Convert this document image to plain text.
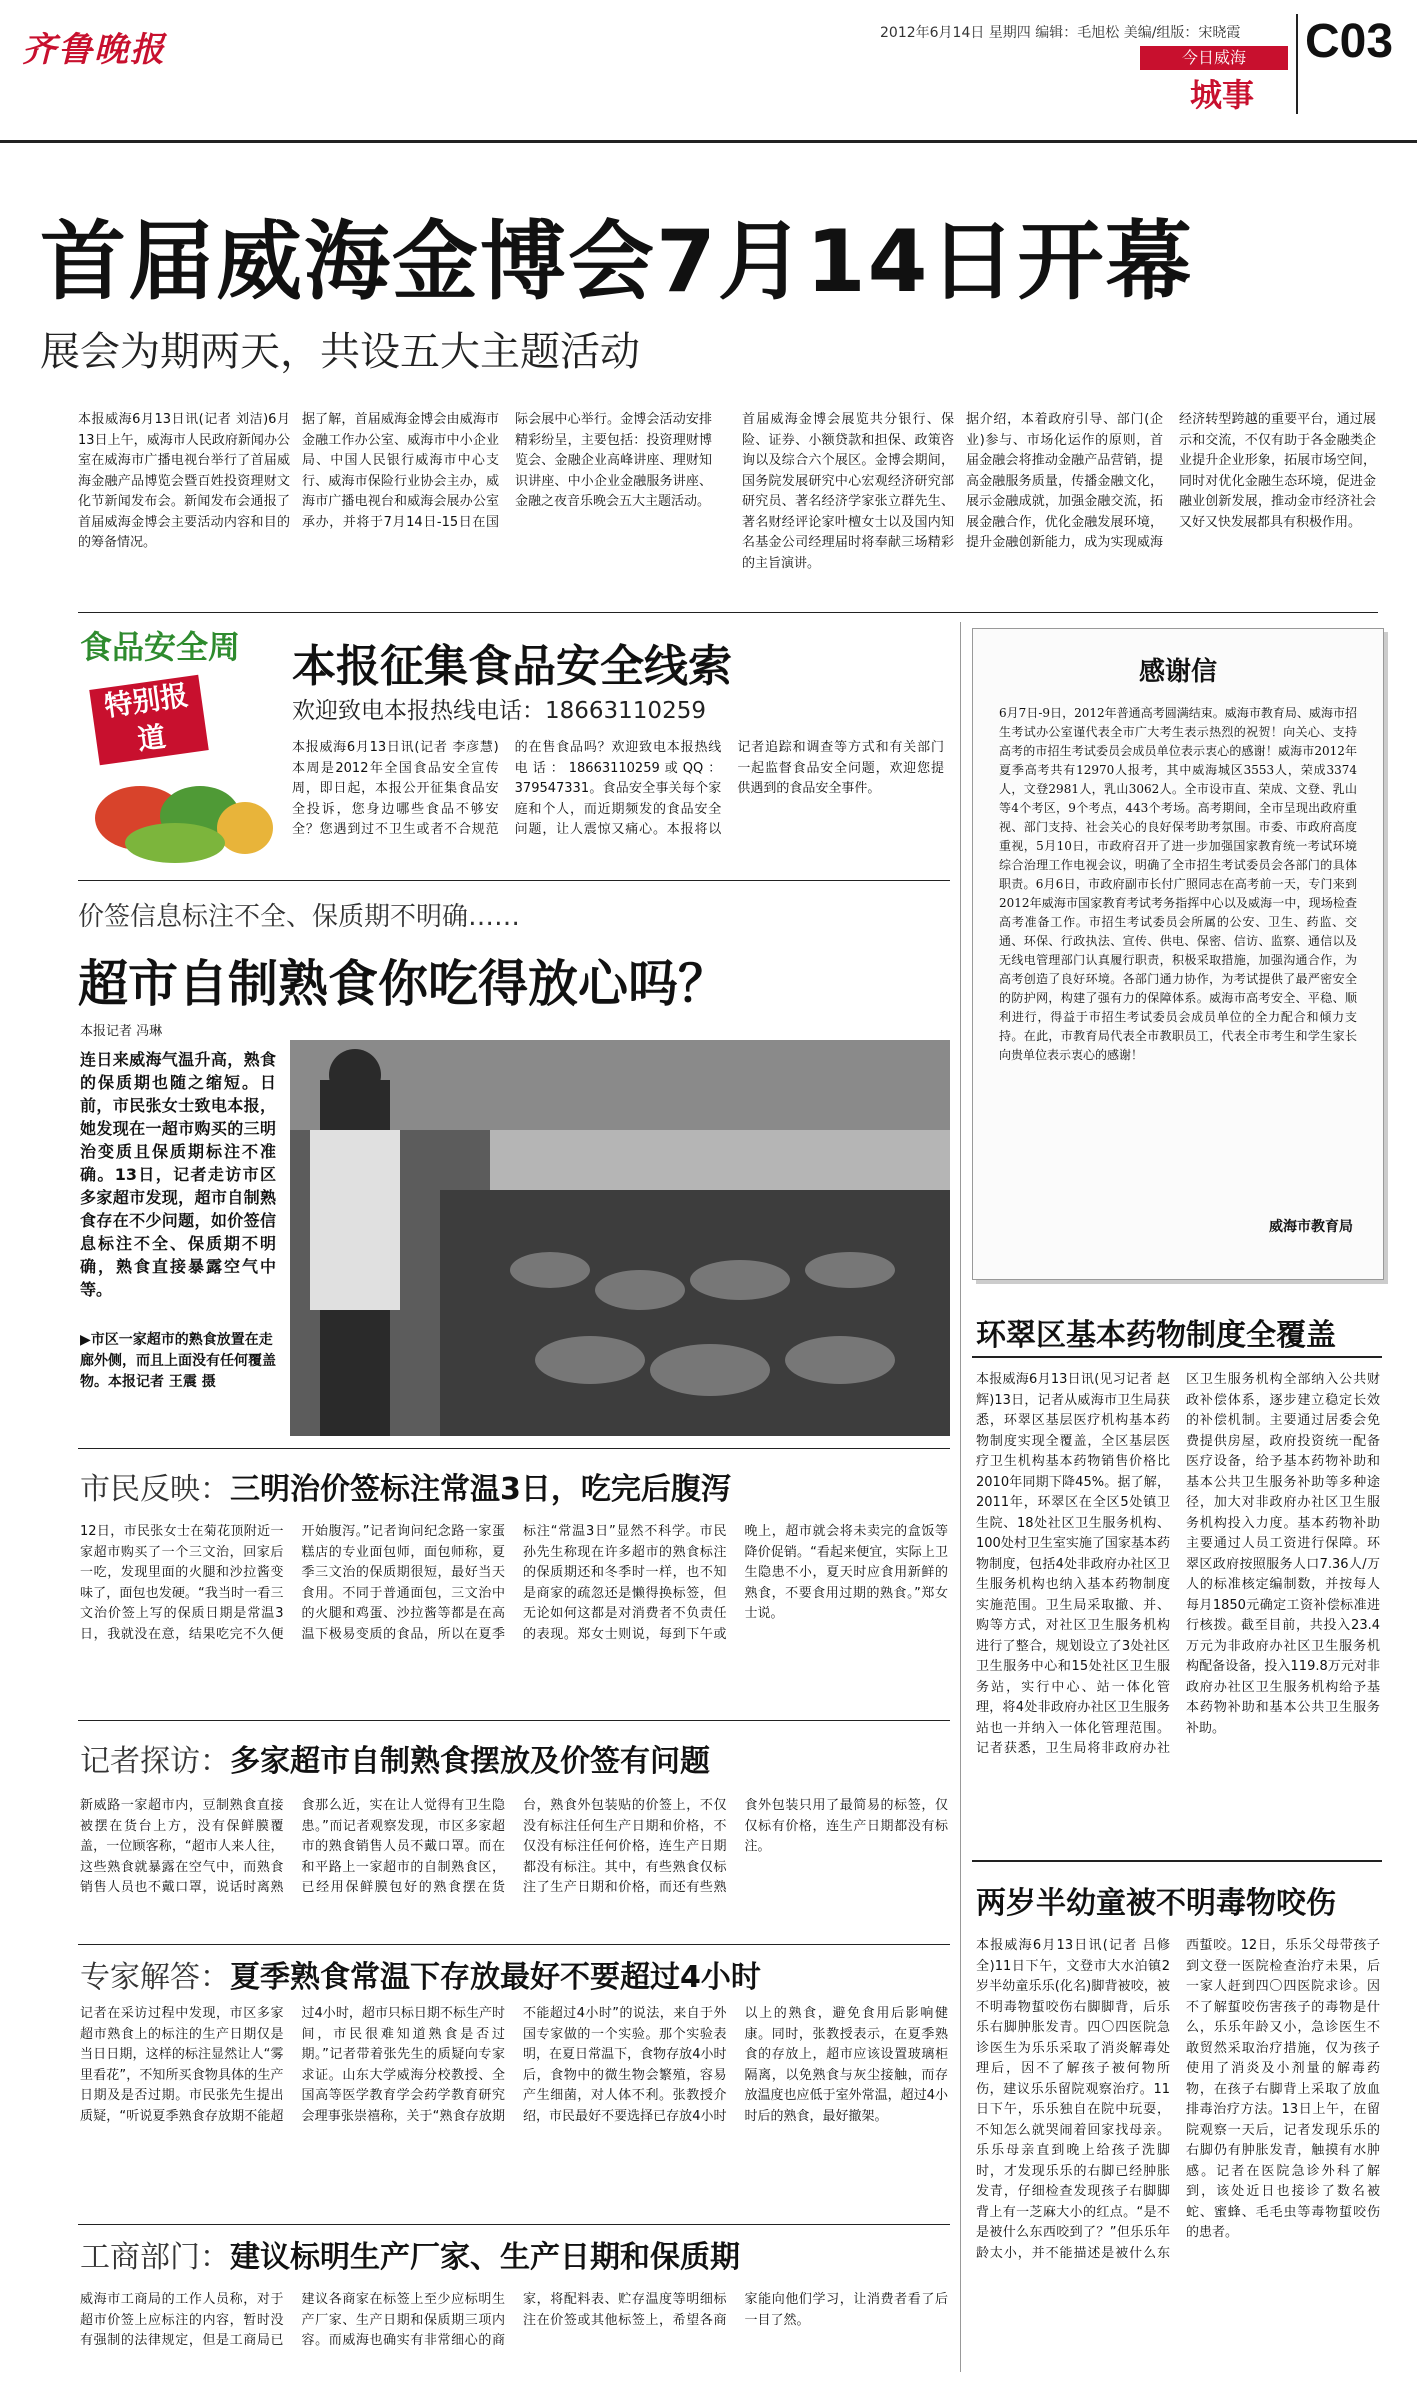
齐鲁晚报	2012年6月14日 星期四 编辑：毛旭松 美编/组版：宋晓霞
今日威海
城事
C03
首届威海金博会7月14日开幕
展会为期两天，共设五大主题活动
本报威海6月13日讯(记者 刘洁)6月13日上午，威海市人民政府新闻办公室在威海市广播电视台举行了首届威海金融产品博览会暨百姓投资理财文化节新闻发布会。新闻发布会通报了首届威海金博会主要活动内容和目的的筹备情况。
据了解，首届威海金博会由威海市金融工作办公室、威海市中小企业局、中国人民银行威海市中心支行、威海市保险行业协会主办，威海市广播电视台和威海会展办公室承办，并将于7月14日-15日在国际会展中心举行。金博会活动安排精彩纷呈，主要包括：投资理财博览会、金融企业高峰讲座、理财知识讲座、中小企业金融服务讲座、金融之夜音乐晚会五大主题活动。
首届威海金博会展览共分银行、保险、证券、小额贷款和担保、政策咨询以及综合六个展区。金博会期间，国务院发展研究中心宏观经济研究部研究员、著名经济学家张立群先生、著名财经评论家叶檀女士以及国内知名基金公司经理届时将奉献三场精彩的主旨演讲。
据介绍，本着政府引导、部门(企业)参与、市场化运作的原则，首届金融会将推动金融产品营销，提高金融服务质量，传播金融文化，展示金融成就，加强金融交流，拓展金融合作，优化金融发展环境，提升金融创新能力，成为实现威海经济转型跨越的重要平台，通过展示和交流，不仅有助于各金融类企业提升企业形象，拓展市场空间，同时对优化金融生态环境，促进金融业创新发展，推动金市经济社会又好又快发展都具有积极作用。
食品安全周
特别报道
本报征集食品安全线索
欢迎致电本报热线电话：18663110259
本报威海6月13日讯(记者 李彦慧)本周是2012年全国食品安全宣传周，即日起，本报公开征集食品安全投诉，您身边哪些食品不够安全？您遇到过不卫生或者不合规范的在售食品吗？欢迎致电本报热线电话：18663110259或QQ：379547331。食品安全事关每个家庭和个人，而近期频发的食品安全问题，让人震惊又痛心。本报将以记者追踪和调查等方式和有关部门一起监督食品安全问题，欢迎您提供遇到的食品安全事件。
价签信息标注不全、保质期不明确……
超市自制熟食你吃得放心吗？
本报记者 冯琳
连日来威海气温升高，熟食的保质期也随之缩短。日前，市民张女士致电本报，她发现在一超市购买的三明治变质且保质期标注不准确。13日，记者走访市区多家超市发现，超市自制熟食存在不少问题，如价签信息标注不全、保质期不明确，熟食直接暴露空气中等。
▶市区一家超市的熟食放置在走廊外侧，而且上面没有任何覆盖物。本报记者 王震 摄
市民反映：三明治价签标注常温3日，吃完后腹泻
12日，市民张女士在菊花顶附近一家超市购买了一个三文治，回家后一吃，发现里面的火腿和沙拉酱变味了，面包也发硬。“我当时一看三文治价签上写的保质日期是常温3日，我就没在意，结果吃完不久便开始腹泻。”记者询问纪念路一家蛋糕店的专业面包师，面包师称，夏季三文治的保质期很短，最好当天食用。不同于普通面包，三文治中的火腿和鸡蛋、沙拉酱等都是在高温下极易变质的食品，所以在夏季标注“常温3日”显然不科学。市民孙先生称现在许多超市的熟食标注的保质期还和冬季时一样，也不知是商家的疏忽还是懒得换标签，但无论如何这都是对消费者不负责任的表现。郑女士则说，每到下午或晚上，超市就会将未卖完的盒饭等降价促销。“看起来便宜，实际上卫生隐患不小，夏天时应食用新鲜的熟食，不要食用过期的熟食。”郑女士说。
记者探访：多家超市自制熟食摆放及价签有问题
新威路一家超市内，豆制熟食直接被摆在货台上方，没有保鲜膜覆盖，一位顾客称，“超市人来人往，这些熟食就暴露在空气中，而熟食销售人员也不戴口罩，说话时离熟食那么近，实在让人觉得有卫生隐患。”而记者观察发现，市区多家超市的熟食销售人员不戴口罩。而在和平路上一家超市的自制熟食区，已经用保鲜膜包好的熟食摆在货台，熟食外包装贴的价签上，不仅没有标注任何生产日期和价格，不仅没有标注任何价格，连生产日期都没有标注。其中，有些熟食仅标注了生产日期和价格，而还有些熟食外包装只用了最简易的标签，仅仅标有价格，连生产日期都没有标注。
专家解答：夏季熟食常温下存放最好不要超过4小时
记者在采访过程中发现，市区多家超市熟食上的标注的生产日期仅是当日日期，这样的标注显然让人“雾里看花”，不知所买食物具体的生产日期及是否过期。市民张先生提出质疑，“听说夏季熟食存放期不能超过4小时，超市只标日期不标生产时间，市民很难知道熟食是否过期。”记者带着张先生的质疑向专家求证。山东大学威海分校教授、全国高等医学教育学会药学教育研究会理事张崇禧称，关于“熟食存放期不能超过4小时”的说法，来自于外国专家做的一个实验。那个实验表明，在夏日常温下，食物存放4小时后，食物中的微生物会繁殖，容易产生细菌，对人体不利。张教授介绍，市民最好不要选择已存放4小时以上的熟食，避免食用后影响健康。同时，张教授表示，在夏季熟食的存放上，超市应该设置玻璃柜隔离，以免熟食与灰尘接触，而存放温度也应低于室外常温，超过4小时后的熟食，最好撤架。
工商部门：建议标明生产厂家、生产日期和保质期
威海市工商局的工作人员称，对于超市价签上应标注的内容，暂时没有强制的法律规定，但是工商局已建议各商家在标签上至少应标明生产厂家、生产日期和保质期三项内容。而威海也确实有非常细心的商家，将配料表、贮存温度等明细标注在价签或其他标签上，希望各商家能向他们学习，让消费者看了后一目了然。
感谢信
6月7日-9日，2012年普通高考圆满结束。威海市教育局、威海市招生考试办公室谨代表全市广大考生表示热烈的祝贺！向关心、支持高考的市招生考试委员会成员单位表示衷心的感谢！威海市2012年夏季高考共有12970人报考，其中威海城区3553人，荣成3374人，文登2981人，乳山3062人。全市设市直、荣成、文登、乳山等4个考区，9个考点，443个考场。高考期间，全市呈现出政府重视、部门支持、社会关心的良好保考助考氛围。市委、市政府高度重视，5月10日，市政府召开了进一步加强国家教育统一考试环境综合治理工作电视会议，明确了全市招生考试委员会各部门的具体职责。6月6日，市政府副市长付广照同志在高考前一天，专门来到2012年威海市国家教育考试考务指挥中心以及威海一中，现场检查高考准备工作。市招生考试委员会所属的公安、卫生、药监、交通、环保、行政执法、宣传、供电、保密、信访、监察、通信以及无线电管理部门认真履行职责，积极采取措施，加强沟通合作，为高考创造了良好环境。各部门通力协作，为考试提供了最严密安全的防护网，构建了强有力的保障体系。威海市高考安全、平稳、顺利进行，得益于市招生考试委员会成员单位的全力配合和倾力支持。在此，市教育局代表全市教职员工，代表全市考生和学生家长向贵单位表示衷心的感谢！
威海市教育局
环翠区基本药物制度全覆盖
本报威海6月13日讯(见习记者 赵辉)13日，记者从威海市卫生局获悉，环翠区基层医疗机构基本药物制度实现全覆盖，全区基层医疗卫生机构基本药物销售价格比2010年同期下降45%。据了解，2011年，环翠区在全区5处镇卫生院、18处社区卫生服务机构、100处村卫生室实施了国家基本药物制度，包括4处非政府办社区卫生服务机构也纳入基本药物制度实施范围。卫生局采取撤、并、购等方式，对社区卫生服务机构进行了整合，规划设立了3处社区卫生服务中心和15处社区卫生服务站，实行中心、站一体化管理，将4处非政府办社区卫生服务站也一并纳入一体化管理范围。记者获悉，卫生局将非政府办社区卫生服务机构全部纳入公共财政补偿体系，逐步建立稳定长效的补偿机制。主要通过居委会免费提供房屋，政府投资统一配备医疗设备，给予基本药物补助和基本公共卫生服务补助等多种途径，加大对非政府办社区卫生服务机构投入力度。基本药物补助主要通过人员工资进行保障。环翠区政府按照服务人口7.36人/万人的标准核定编制数，并按每人每月1850元确定工资补偿标准进行核拨。截至目前，共投入23.4万元为非政府办社区卫生服务机构配备设备，投入119.8万元对非政府办社区卫生服务机构给予基本药物补助和基本公共卫生服务补助。
两岁半幼童被不明毒物咬伤
本报威海6月13日讯(记者 吕修全)11日下午，文登市大水泊镇2岁半幼童乐乐(化名)脚背被咬，被不明毒物蜇咬伤右脚脚背，后乐乐右脚肿胀发青。四〇四医院急诊医生为乐乐采取了消炎解毒处理后，因不了解孩子被何物所伤，建议乐乐留院观察治疗。11日下午，乐乐独自在院中玩耍，不知怎么就哭闹着回家找母亲。乐乐母亲直到晚上给孩子洗脚时，才发现乐乐的右脚已经肿胀发青，仔细检查发现孩子右脚脚背上有一芝麻大小的红点。“是不是被什么东西咬到了？”但乐乐年龄太小，并不能描述是被什么东西蜇咬。12日，乐乐父母带孩子到文登一医院检查治疗未果，后一家人赶到四〇四医院求诊。因不了解蜇咬伤害孩子的毒物是什么，乐乐年龄又小，急诊医生不敢贸然采取治疗措施，仅为孩子使用了消炎及小剂量的解毒药物，在孩子右脚背上采取了放血排毒治疗方法。13日上午，在留院观察一天后，记者发现乐乐的右脚仍有肿胀发青，触摸有水肿感。记者在医院急诊外科了解到，该处近日也接诊了数名被蛇、蜜蜂、毛毛虫等毒物蜇咬伤的患者。
